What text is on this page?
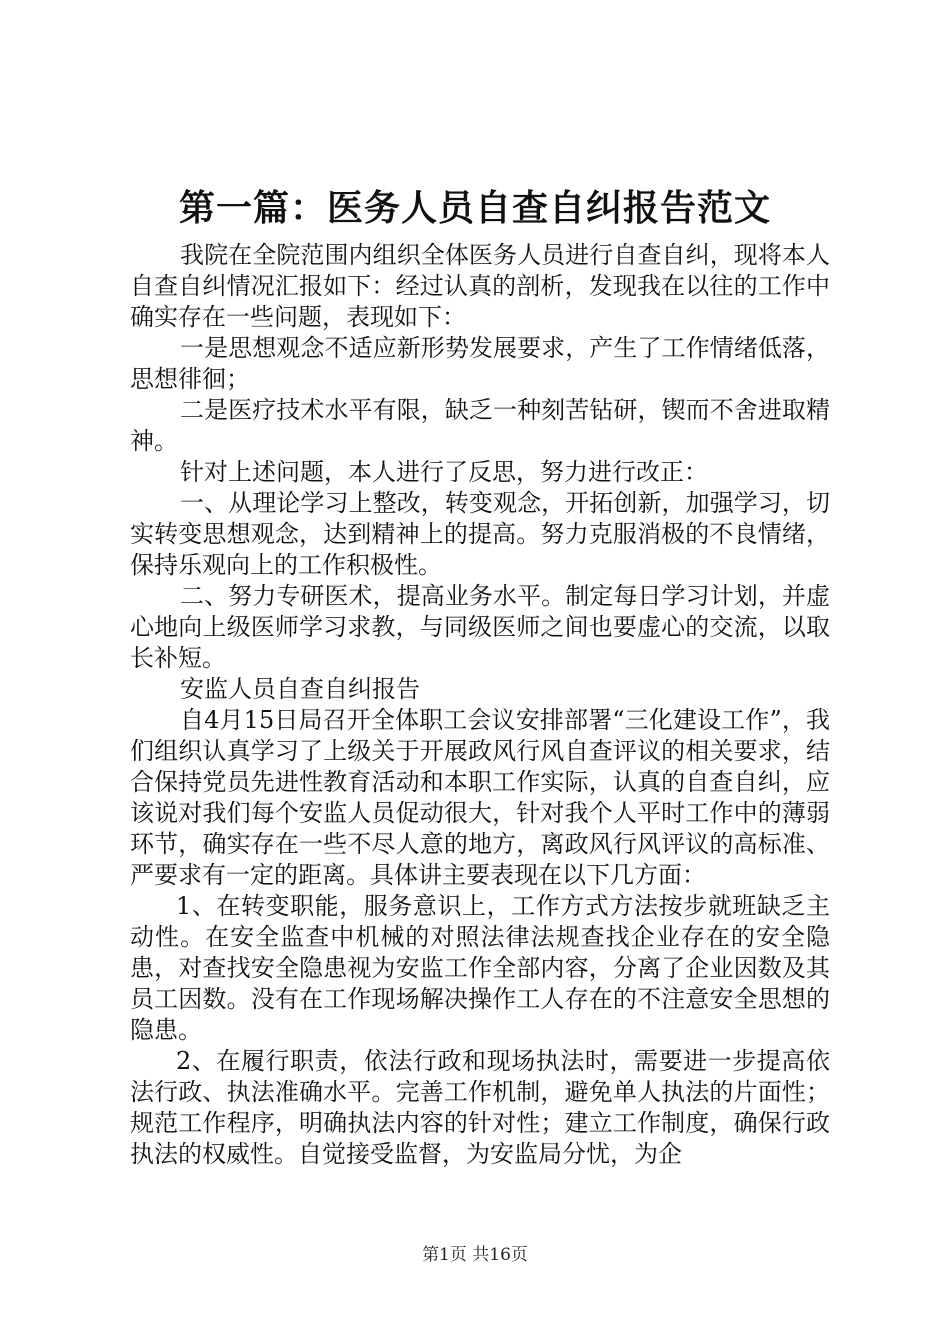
第一篇：医务人员自查自纠报告范文

我院在全院范围内组织全体医务人员进行自查自纠，现将本人自查自纠情况汇报如下：经过认真的剖析，发现我在以往的工作中确实存在一些问题，表现如下：

一是思想观念不适应新形势发展要求，产生了工作情绪低落，思想徘徊；

二是医疗技术水平有限，缺乏一种刻苦钻研，锲而不舍进取精神。

针对上述问题，本人进行了反思，努力进行改正：

一、从理论学习上整改，转变观念，开拓创新，加强学习，切实转变思想观念，达到精神上的提高。努力克服消极的不良情绪，保持乐观向上的工作积极性。

二、努力专研医术，提高业务水平。制定每日学习计划，并虚心地向上级医师学习求教，与同级医师之间也要虚心的交流，以取长补短。

安监人员自查自纠报告

自4月15日局召开全体职工会议安排部署“三化建设工作”，我们组织认真学习了上级关于开展政风行风自查评议的相关要求，结合保持党员先进性教育活动和本职工作实际，认真的自查自纠，应该说对我们每个安监人员促动很大，针对我个人平时工作中的薄弱环节，确实存在一些不尽人意的地方，离政风行风评议的高标准、严要求有一定的距离。具体讲主要表现在以下几方面：

1、在转变职能，服务意识上，工作方式方法按步就班缺乏主动性。在安全监查中机械的对照法律法规查找企业存在的安全隐患，对查找安全隐患视为安监工作全部内容，分离了企业因数及其员工因数。没有在工作现场解决操作工人存在的不注意安全思想的隐患。

2、在履行职责，依法行政和现场执法时，需要进一步提高依法行政、执法准确水平。完善工作机制，避免单人执法的片面性；规范工作程序，明确执法内容的针对性；建立工作制度，确保行政执法的权威性。自觉接受监督，为安监局分忧，为企

第1页 共16页
